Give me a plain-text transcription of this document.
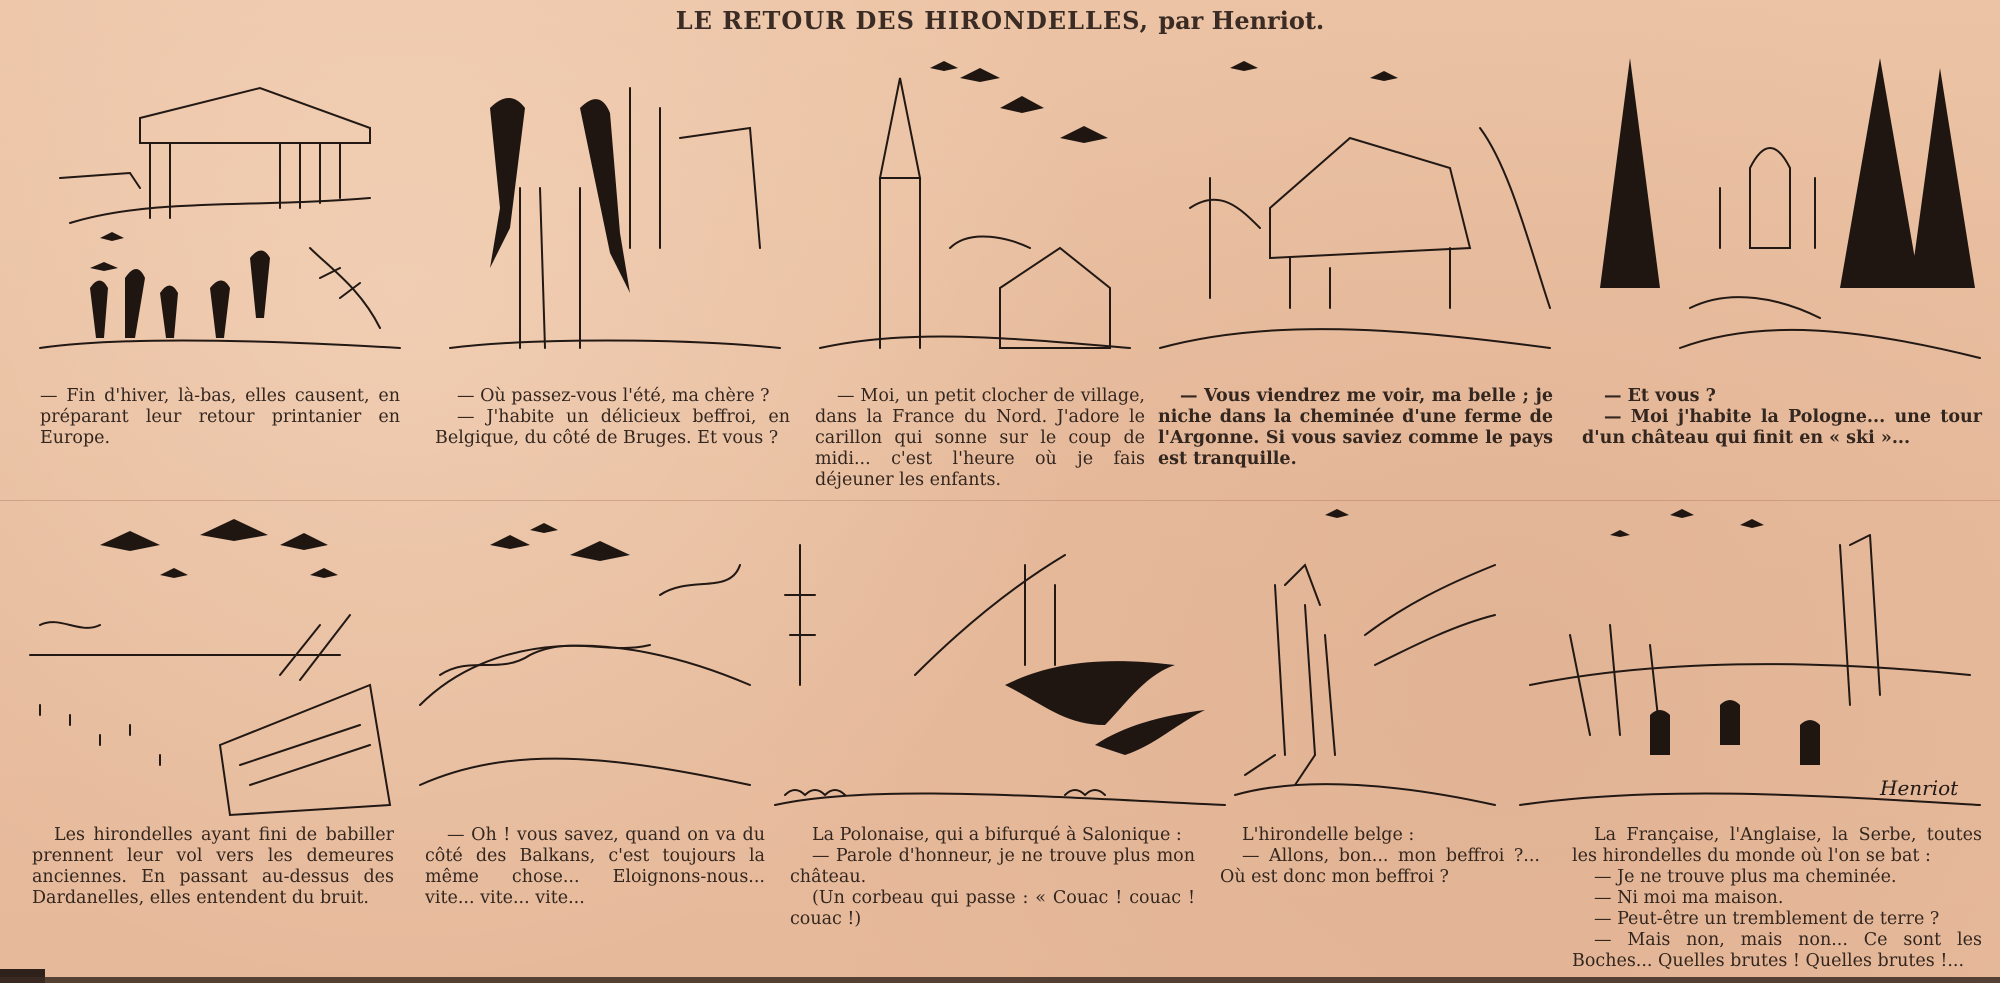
LE RETOUR DES HIRONDELLES, par Henriot.

— Fin d'hiver, là-bas, elles causent, en préparant leur retour printanier en Europe.

— Où passez-vous l'été, ma chère ?

— J'habite un délicieux beffroi, en Belgique, du côté de Bruges. Et vous ?

— Moi, un petit clocher de village, dans la France du Nord. J'adore le carillon qui sonne sur le coup de midi... c'est l'heure où je fais déjeuner les enfants.

— Vous viendrez me voir, ma belle ; je niche dans la cheminée d'une ferme de l'Argonne. Si vous saviez comme le pays est tranquille.

— Et vous ?

— Moi j'habite la Pologne... une tour d'un château qui finit en « ski »...

Les hirondelles ayant fini de babiller prennent leur vol vers les demeures anciennes. En passant au-dessus des Dardanelles, elles entendent du bruit.

— Oh ! vous savez, quand on va du côté des Balkans, c'est toujours la même chose... Eloignons-nous... vite... vite... vite...

La Polonaise, qui a bifurqué à Salonique :

— Parole d'honneur, je ne trouve plus mon château.

(Un corbeau qui passe : « Couac ! couac ! couac !)

L'hirondelle belge :

— Allons, bon... mon beffroi ?... Où est donc mon beffroi ?

Henriot

La Française, l'Anglaise, la Serbe, toutes les hirondelles du monde où l'on se bat :

— Je ne trouve plus ma cheminée.

— Ni moi ma maison.

— Peut-être un tremblement de terre ?

— Mais non, mais non... Ce sont les Boches... Quelles brutes ! Quelles brutes !...
